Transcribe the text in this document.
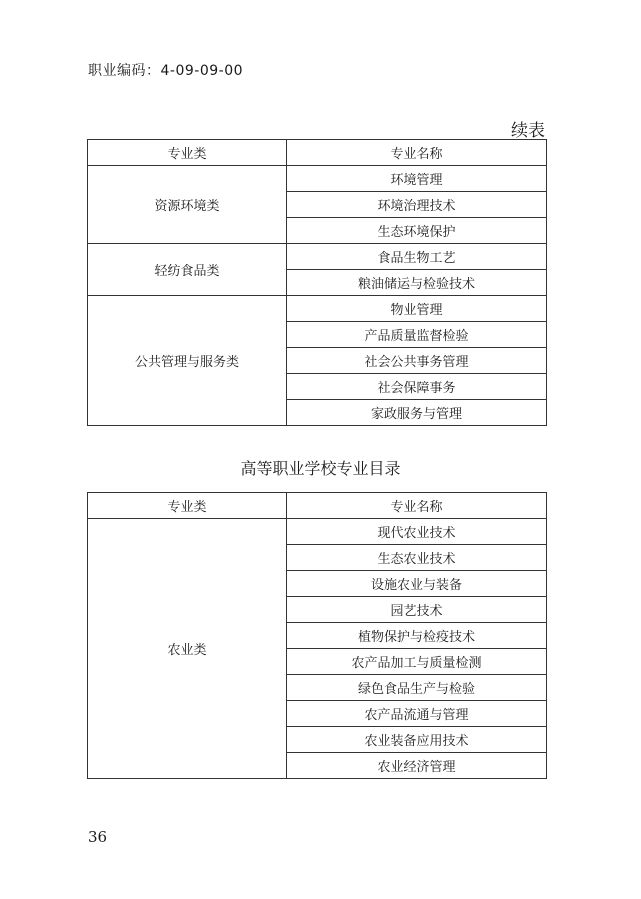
职业编码：4-09-09-00
续表
专业类	专业名称
资源环境类	环境管理
	环境治理技术
	生态环境保护
轻纺食品类	食品生物工艺
	粮油储运与检验技术
公共管理与服务类	物业管理
	产品质量监督检验
	社会公共事务管理
	社会保障事务
	家政服务与管理
高等职业学校专业目录
专业类	专业名称
农业类	现代农业技术
	生态农业技术
	设施农业与装备
	园艺技术
	植物保护与检疫技术
	农产品加工与质量检测
	绿色食品生产与检验
	农产品流通与管理
	农业装备应用技术
	农业经济管理
36
